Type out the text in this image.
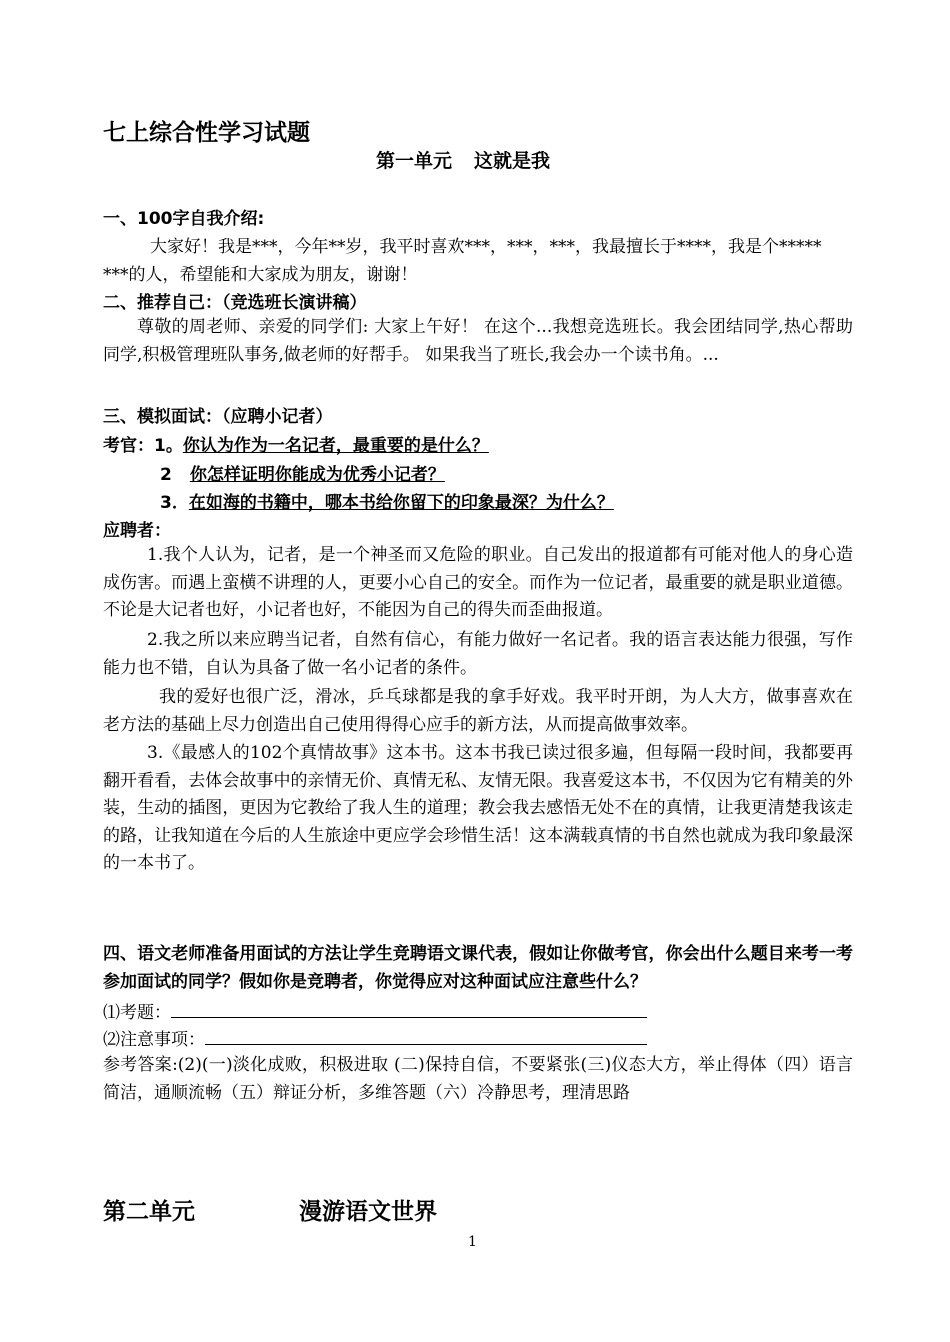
七上综合性学习试题
第一单元 这就是我
一、100字自我介绍:
大家好！我是***，今年**岁，我平时喜欢***，***，***，我最擅长于****，我是个*****
***的人，希望能和大家成为朋友，谢谢！
二、推荐自己：（竞选班长演讲稿）
尊敬的周老师、亲爱的同学们: 大家上午好！ 在这个...我想竞选班长。我会团结同学,热心帮助同学,积极管理班队事务,做老师的好帮手。 如果我当了班长,我会办一个读书角。...
三、模拟面试：（应聘小记者）
考官：1。你认为作为一名记者，最重要的是什么？
2 你怎样证明你能成为优秀小记者？
3．在如海的书籍中，哪本书给你留下的印象最深？为什么？
应聘者：
1.我个人认为，记者，是一个神圣而又危险的职业。自己发出的报道都有可能对他人的身心造成伤害。而遇上蛮横不讲理的人，更要小心自己的安全。而作为一位记者，最重要的就是职业道德。不论是大记者也好，小记者也好，不能因为自己的得失而歪曲报道。
2.我之所以来应聘当记者，自然有信心，有能力做好一名记者。我的语言表达能力很强，写作能力也不错，自认为具备了做一名小记者的条件。
我的爱好也很广泛，滑冰，乒乓球都是我的拿手好戏。我平时开朗，为人大方，做事喜欢在老方法的基础上尽力创造出自己使用得得心应手的新方法，从而提高做事效率。
3.《最感人的102个真情故事》这本书。这本书我已读过很多遍，但每隔一段时间，我都要再翻开看看，去体会故事中的亲情无价、真情无私、友情无限。我喜爱这本书，不仅因为它有精美的外装，生动的插图，更因为它教给了我人生的道理；教会我去感悟无处不在的真情，让我更清楚我该走的路，让我知道在今后的人生旅途中更应学会珍惜生活！这本满载真情的书自然也就成为我印象最深的一本书了。
四、语文老师准备用面试的方法让学生竞聘语文课代表，假如让你做考官，你会出什么题目来考一考参加面试的同学？假如你是竞聘者，你觉得应对这种面试应注意些什么？
⑴考题：
⑵注意事项：
参考答案:(2)(一)淡化成败，积极进取 (二)保持自信，不要紧张(三)仪态大方，举止得体（四）语言简洁，通顺流畅（五）辩证分析，多维答题（六）冷静思考，理清思路
第二单元	漫游语文世界
1
